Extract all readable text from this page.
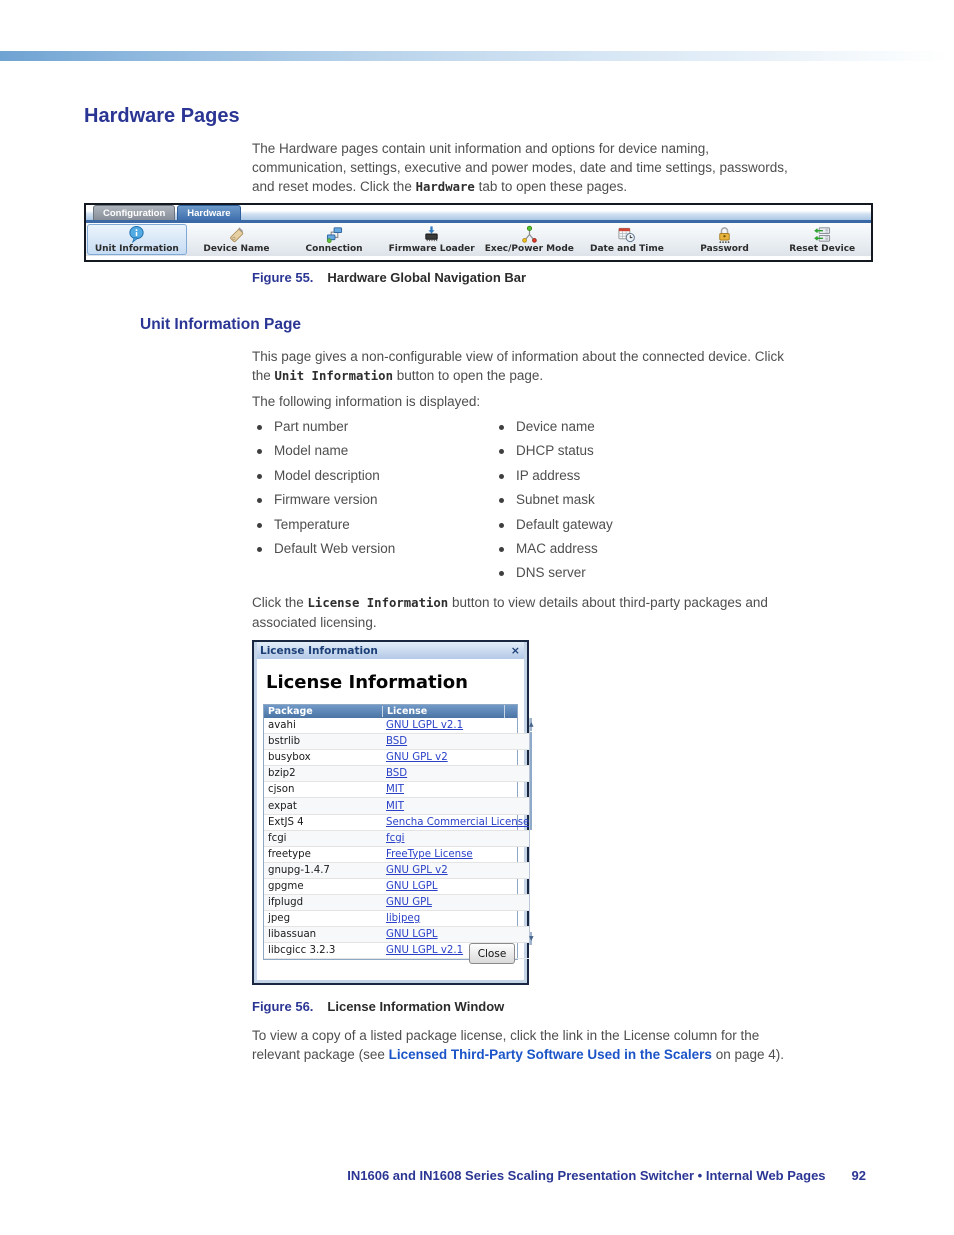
Hardware Pages
The Hardware pages contain unit information and options for device naming,
communication, settings, executive and power modes, date and time settings, passwords,
and reset modes. Click the Hardware tab to open these pages.
Configuration	Hardware
Unit Information	Device Name	Connection	Firmware Loader Exec/Power Mode Date and Time	Password	Reset Device
Figure 55. Hardware Global Navigation Bar
Unit Information Page
This page gives a non-configurable view of information about the connected device. Click
the Unit Information button to open the page.
The following information is displayed:
Part number
Model name
Model description
Firmware version
Temperature
Default Web version
Device name
DHCP status
IP address
Subnet mask
Default gateway
MAC address
DNS server
Click the License Information button to view details about third-party packages and
associated licensing.
License Information	×
License Information
Package	License
avahi	GNU LGPL v2.1
bstrlib	BSD
busybox	GNU GPL v2
bzip2	BSD
cjson	MIT
expat	MIT
ExtJS 4	Sencha Commercial License
fcgi	fcgi
freetype	FreeType License
gnupg-1.4.7	GNU GPL v2
gpgme	GNU LGPL
ifplugd	GNU GPL
jpeg	libjpeg
libassuan	GNU LGPL
libcgicc 3.2.3	GNU LGPL v2.1
▲
▼
Close
Figure 56. License Information Window
To view a copy of a listed package license, click the link in the License column for the
relevant package (see Licensed Third-Party Software Used in the Scalers on page 4).
IN1606 and IN1608 Series Scaling Presentation Switcher • Internal Web Pages 92
